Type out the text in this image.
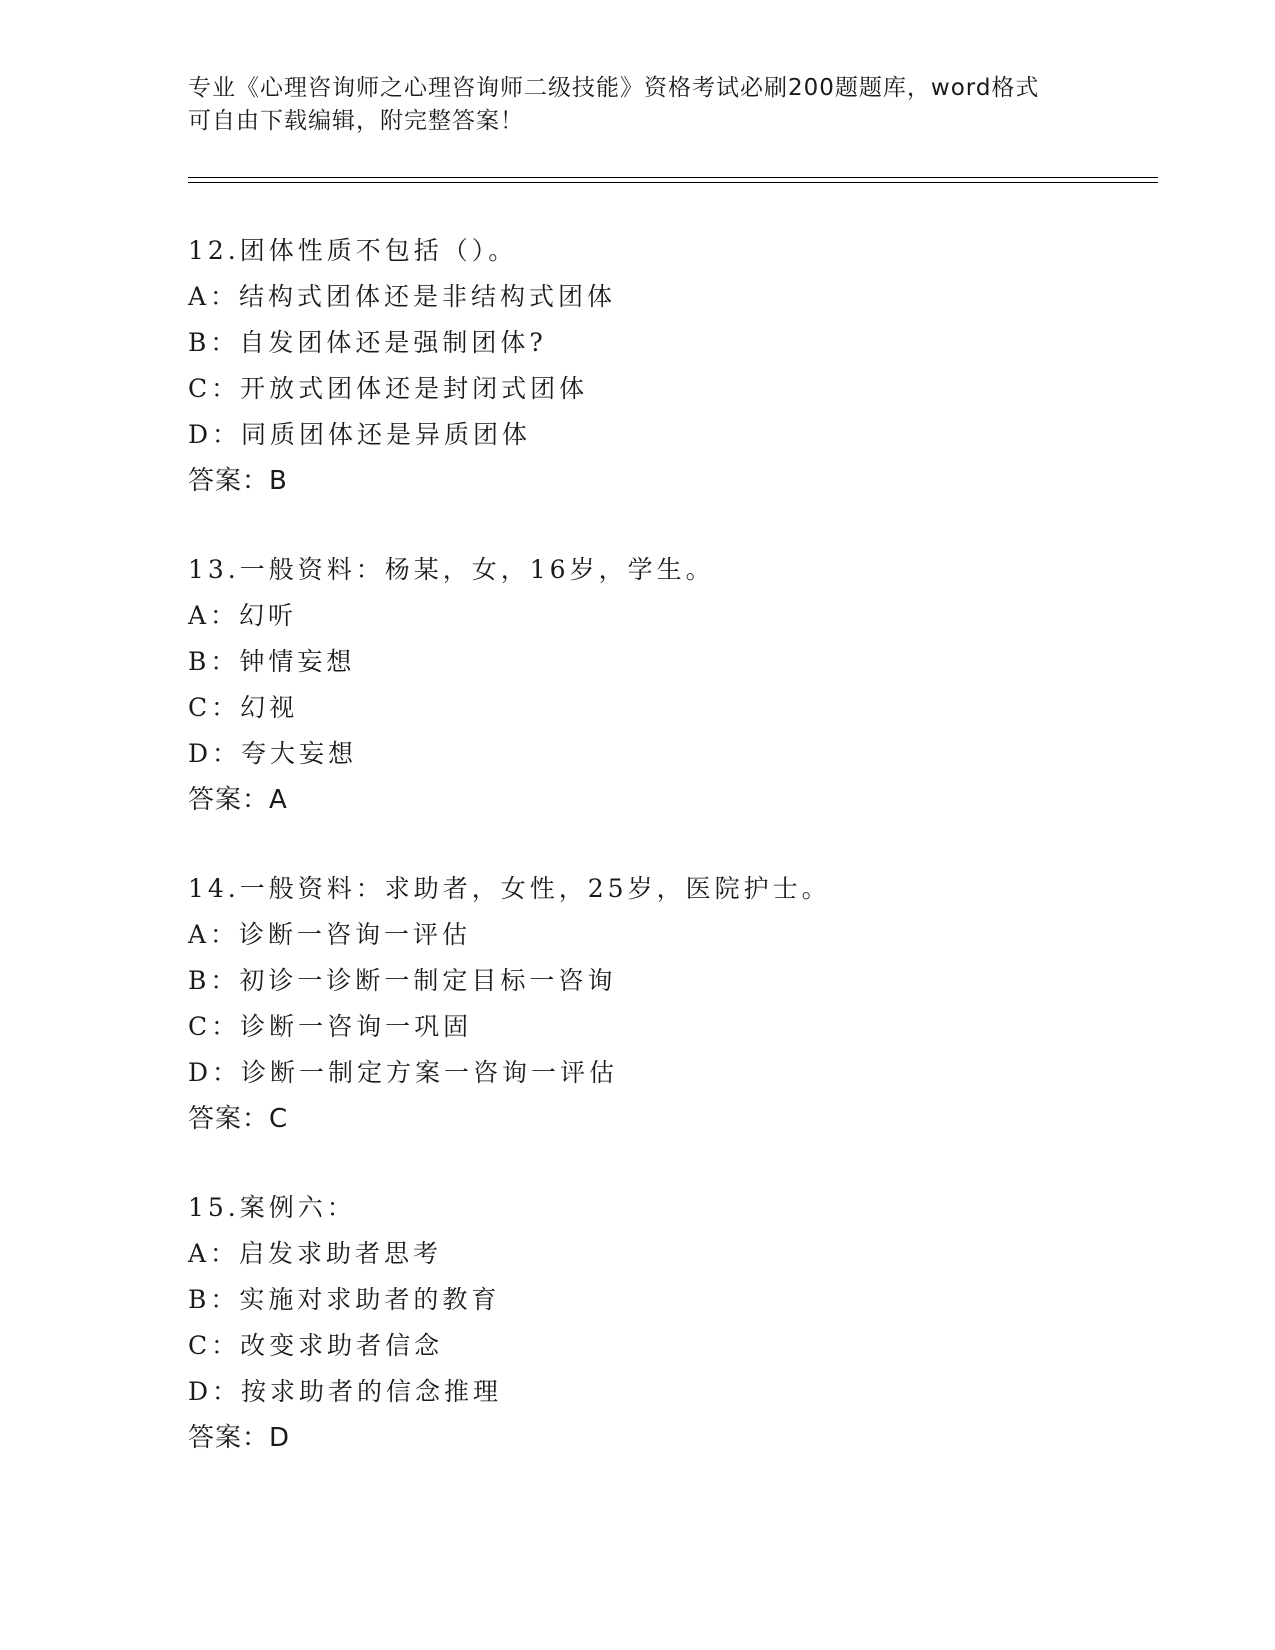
专业《心理咨询师之心理咨询师二级技能》资格考试必刷200题题库，word格式
可自由下载编辑，附完整答案！
12.团体性质不包括（）。
A：结构式团体还是非结构式团体
B：自发团体还是强制团体?
C：开放式团体还是封闭式团体
D：同质团体还是异质团体
答案：B
13.一般资料：杨某，女，16岁，学生。
A：幻听
B：钟情妄想
C：幻视
D：夸大妄想
答案：A
14.一般资料：求助者，女性，25岁，医院护士。
A：诊断一咨询一评估
B：初诊一诊断一制定目标一咨询
C：诊断一咨询一巩固
D：诊断一制定方案一咨询一评估
答案：C
15.案例六：
A：启发求助者思考
B：实施对求助者的教育
C：改变求助者信念
D：按求助者的信念推理
答案：D
